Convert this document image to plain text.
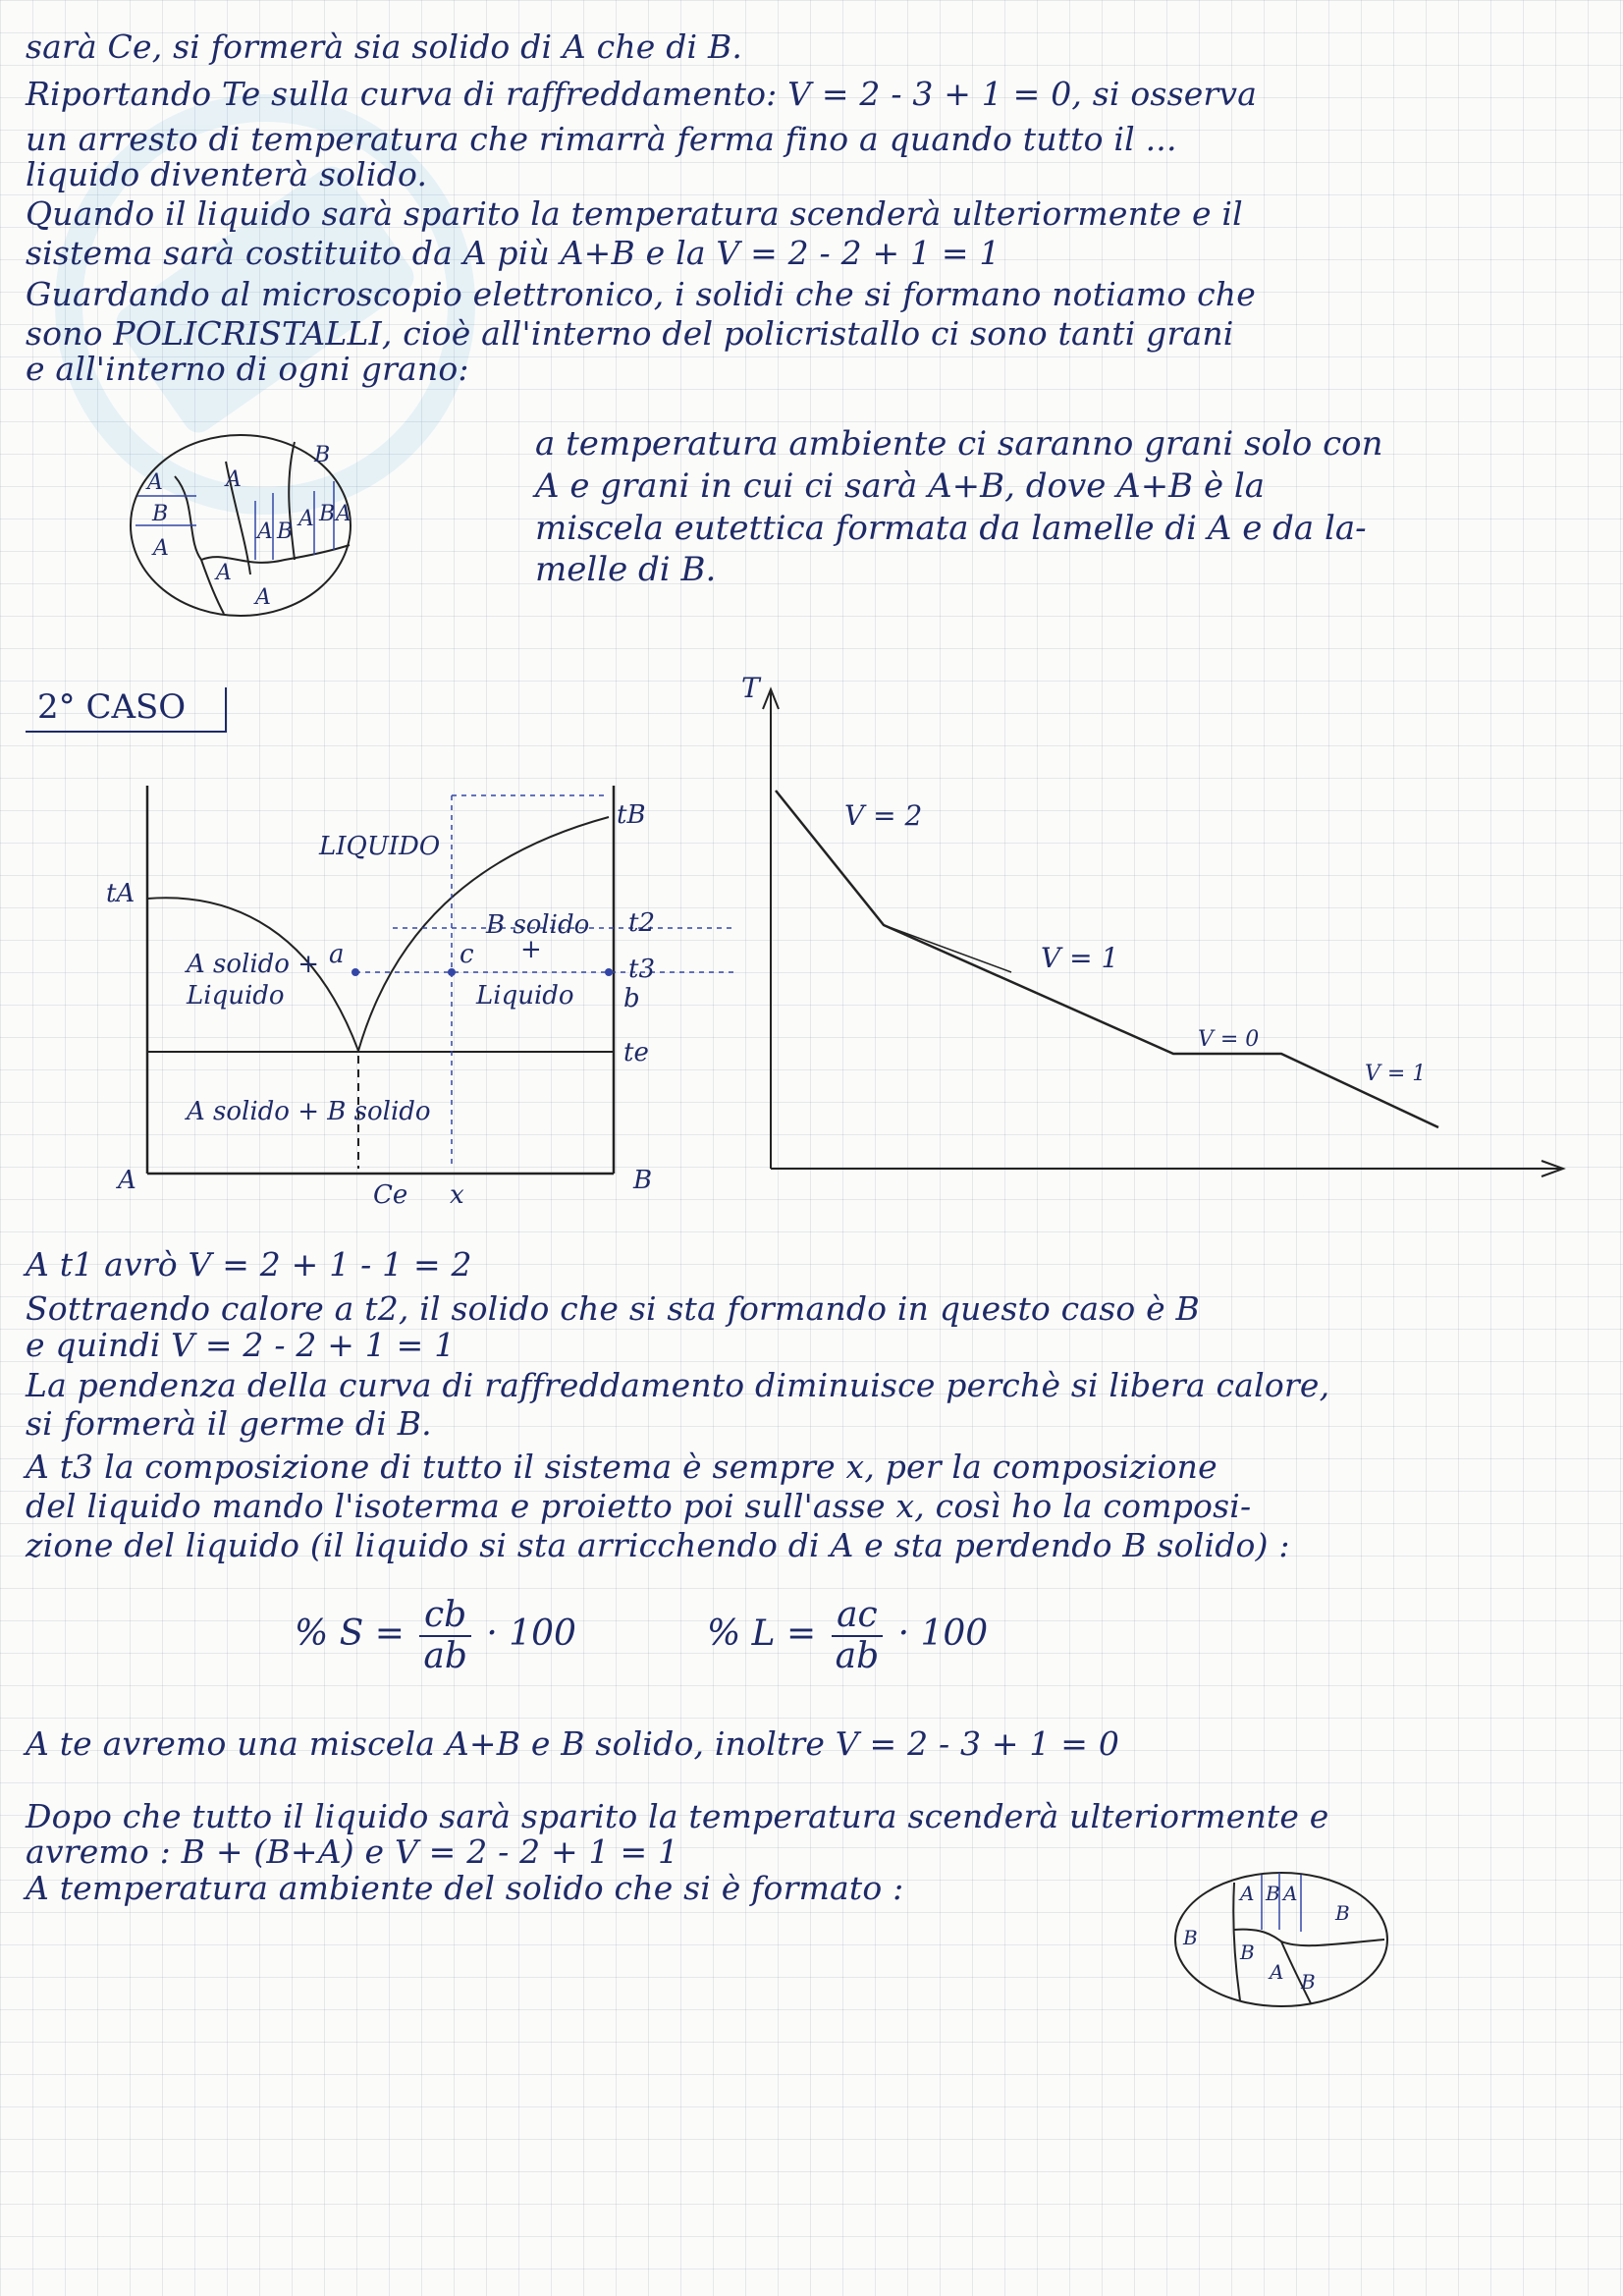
sarà Ce, si formerà sia solido di A che di B.
Riportando Te sulla curva di raffreddamento: V = 2 - 3 + 1 = 0, si osserva
un arresto di temperatura che rimarrà ferma fino a quando tutto il ...
liquido diventerà solido.
Quando il liquido sarà sparito la temperatura scenderà ulteriormente e il
sistema sarà costituito da A più A+B e la V = 2 - 2 + 1 = 1
Guardando al microscopio elettronico, i solidi che si formano notiamo che
sono POLICRISTALLI, cioè all'interno del policristallo ci sono tanti grani
e all'interno di ogni grano:
A
B
A
A B
A
A
B
A
A
B A
a temperatura ambiente ci saranno grani solo con
A e grani in cui ci sarà A+B, dove A+B è la
miscela eutettica formata da lamelle di A e da la-
melle di B.
2° CASO
A	B
tA
tB
t2
t3
b
te
a	c
Ce x
LIQUIDO
A solido +
Liquido
B solido
+
Liquido
A solido + B solido
T
V = 2
V = 1
V = 0
V = 1
A t1 avrò V = 2 + 1 - 1 = 2
Sottraendo calore a t2, il solido che si sta formando in questo caso è B
e quindi V = 2 - 2 + 1 = 1
La pendenza della curva di raffreddamento diminuisce perchè si libera calore,
si formerà il germe di B.
A t3 la composizione di tutto il sistema è sempre x, per la composizione
del liquido mando l'isoterma e proietto poi sull'asse x, così ho la composi-
zione del liquido (il liquido si sta arricchendo di A e sta perdendo B solido) :
% $S = \frac{cb}{ab} \cdot 100$	% $L = \frac{ac}{ab} \cdot 100$
A te avremo una miscela A+B e B solido, inoltre V = 2 - 3 + 1 = 0
Dopo che tutto il liquido sarà sparito la temperatura scenderà ulteriormente e
avremo : B + (B+A) e V = 2 - 2 + 1 = 1
A temperatura ambiente del solido che si è formato :	A B A
B
B
B
A B
